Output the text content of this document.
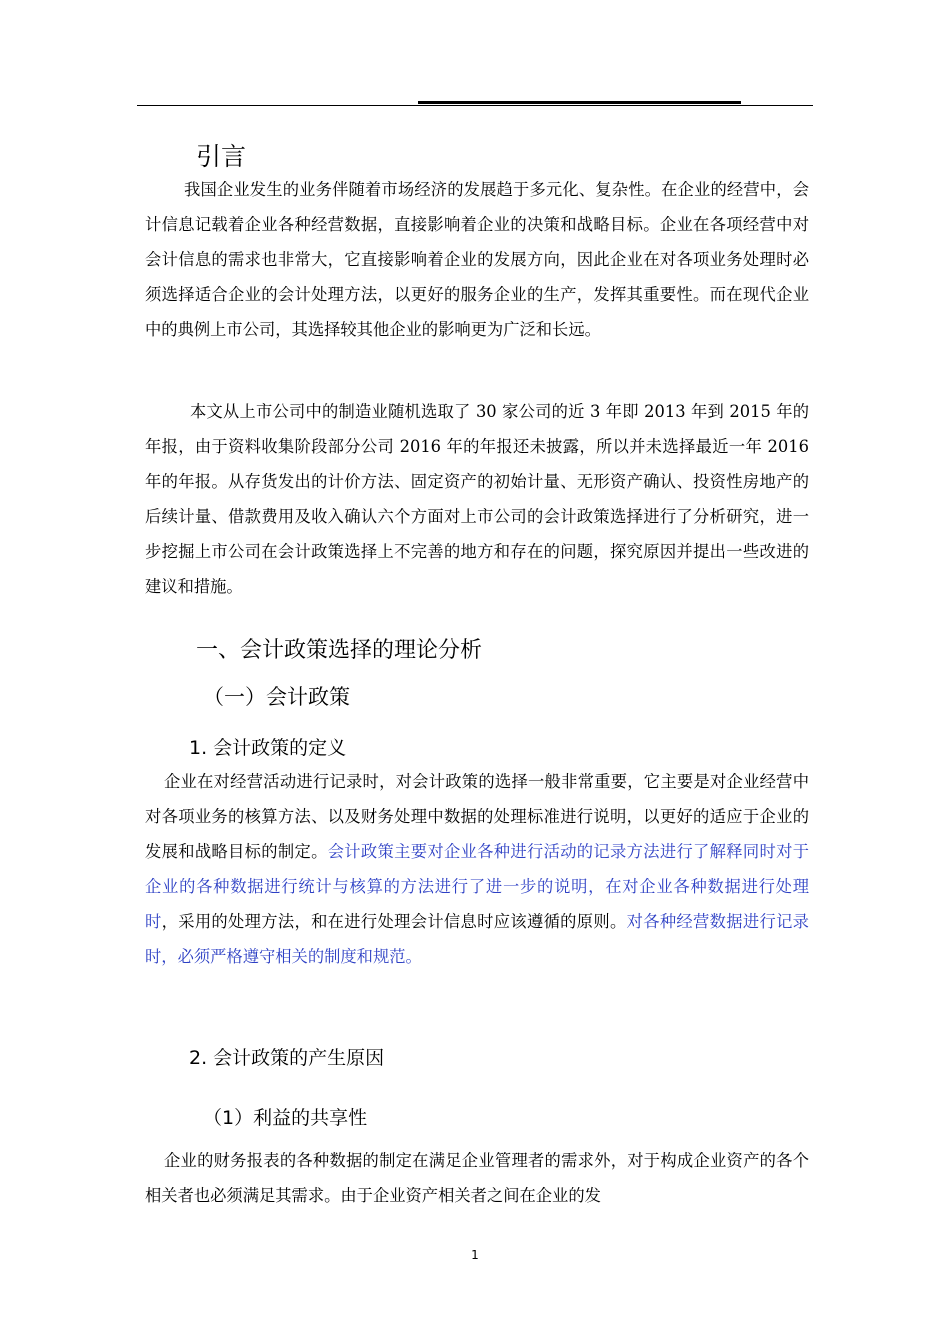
引言
我国企业发生的业务伴随着市场经济的发展趋于多元化、复杂性。在企业的经营中，会计信息记载着企业各种经营数据，直接影响着企业的决策和战略目标。企业在各项经营中对会计信息的需求也非常大，它直接影响着企业的发展方向，因此企业在对各项业务处理时必须选择适合企业的会计处理方法，以更好的服务企业的生产，发挥其重要性。而在现代企业中的典例上市公司，其选择较其他企业的影响更为广泛和长远。
本文从上市公司中的制造业随机选取了 30 家公司的近 3 年即 2013 年到 2015 年的年报，由于资料收集阶段部分公司 2016 年的年报还未披露，所以并未选择最近一年 2016 年的年报。从存货发出的计价方法、固定资产的初始计量、无形资产确认、投资性房地产的后续计量、借款费用及收入确认六个方面对上市公司的会计政策选择进行了分析研究，进一步挖掘上市公司在会计政策选择上不完善的地方和存在的问题，探究原因并提出一些改进的建议和措施。
一、会计政策选择的理论分析
（一）会计政策
1. 会计政策的定义
企业在对经营活动进行记录时，对会计政策的选择一般非常重要，它主要是对企业经营中对各项业务的核算方法、以及财务处理中数据的处理标准进行说明，以更好的适应于企业的发展和战略目标的制定。会计政策主要对企业各种进行活动的记录方法进行了解释同时对于企业的各种数据进行统计与核算的方法进行了进一步的说明，在对企业各种数据进行处理时，采用的处理方法，和在进行处理会计信息时应该遵循的原则。对各种经营数据进行记录时，必须严格遵守相关的制度和规范。
2. 会计政策的产生原因
（1）利益的共享性
企业的财务报表的各种数据的制定在满足企业管理者的需求外，对于构成企业资产的各个相关者也必须满足其需求。由于企业资产相关者之间在企业的发
1
